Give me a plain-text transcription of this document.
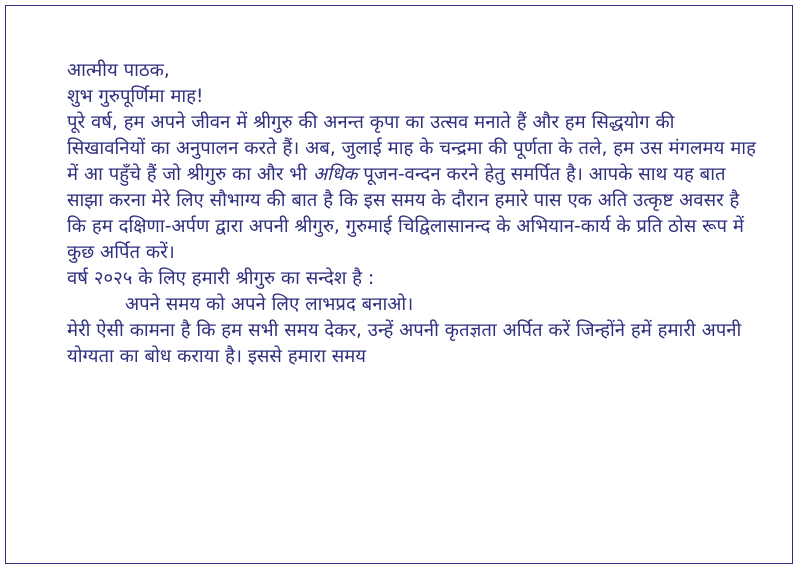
आत्मीय पाठक,

शुभ गुरुपूर्णिमा माह!

पूरे वर्ष, हम अपने जीवन में श्रीगुरु की अनन्त कृपा का उत्सव मनाते हैं और हम सिद्धयोग की सिखावनियों का अनुपालन करते हैं। अब, जुलाई माह के चन्द्रमा की पूर्णता के तले, हम उस मंगलमय माह में आ पहुँचे हैं जो श्रीगुरु का और भी अधिक पूजन-वन्दन करने हेतु समर्पित है। आपके साथ यह बात साझा करना मेरे लिए सौभाग्य की बात है कि इस समय के दौरान हमारे पास एक अति उत्कृष्ट अवसर है कि हम दक्षिणा-अर्पण द्वारा अपनी श्रीगुरु, गुरुमाई चिद्विलासानन्द के अभियान-कार्य के प्रति ठोस रूप में कुछ अर्पित करें।

वर्ष २०२५ के लिए हमारी श्रीगुरु का सन्देश है :

अपने समय को अपने लिए लाभप्रद बनाओ।

मेरी ऐसी कामना है कि हम सभी समय देकर, उन्हें अपनी कृतज्ञता अर्पित करें जिन्होंने हमें हमारी अपनी योग्यता का बोध कराया है। इससे हमारा समय
